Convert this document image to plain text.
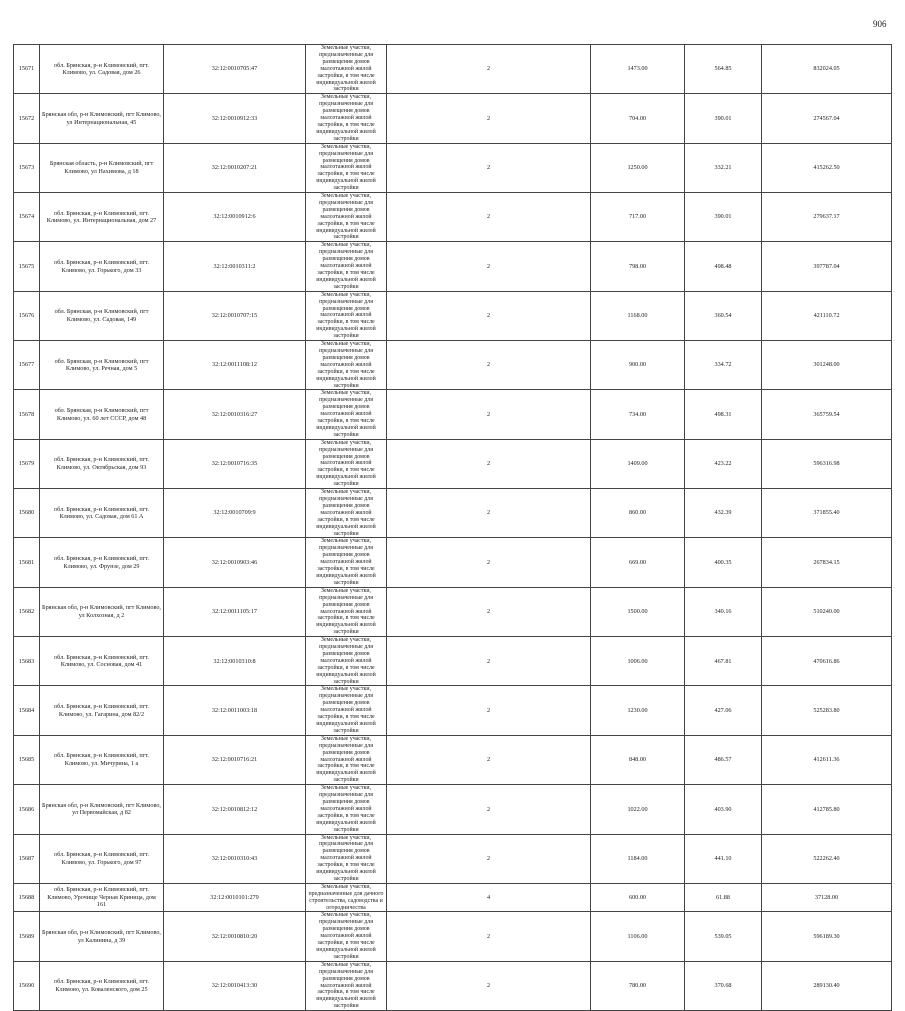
906
15671	обл. Брянская, р-н Климовский, пгт. Климово, ул. Садовая, дом 26	32:12:0010705:47	Земельные участки, предназначенные для размещения домов малоэтажной жилой застройки, в том числе индивидуальной жилой застройки	2	1473.00	564.85	832024.05
15672	Брянская обл, р-н Климовский, пгт Климово, ул Интернациональная, 45	32:12:0010912:33	Земельные участки, предназначенные для размещения домов малоэтажной жилой застройки, в том числе индивидуальной жилой застройки	2	704.00	390.01	274567.04
15673	Брянская область, р-н Климовский, пгт Климово, ул Нахимова, д 18	32:12:0010207:21	Земельные участки, предназначенные для размещения домов малоэтажной жилой застройки, в том числе индивидуальной жилой застройки	2	1250.00	332.21	415262.50
15674	обл. Брянская, р-н Климовский, пгт. Климово, ул. Интернациональная, дом 27	32:12:0010912:6	Земельные участки, предназначенные для размещения домов малоэтажной жилой застройки, в том числе индивидуальной жилой застройки	2	717.00	390.01	279637.17
15675	обл. Брянская, р-н Климовский, пгт. Климово, ул. Горького, дом 33	32:12:0010311:2	Земельные участки, предназначенные для размещения домов малоэтажной жилой застройки, в том числе индивидуальной жилой застройки	2	798.00	498.48	397787.04
15676	обл. Брянская, р-н Климовский, пгт Климово, ул. Садовая, 149	32:12:0010707:15	Земельные участки, предназначенные для размещения домов малоэтажной жилой застройки, в том числе индивидуальной жилой застройки	2	1168.00	360.54	421110.72
15677	обл. Брянская, р-н Климовский, пгт Климово, ул. Речная, дом 5	32:12:0011108:12	Земельные участки, предназначенные для размещения домов малоэтажной жилой застройки, в том числе индивидуальной жилой застройки	2	900.00	334.72	301248.00
15678	обл. Брянская, р-н Климовский, пгт Климово, ул. 60 лет СССР, дом 48	32:12:0010316:27	Земельные участки, предназначенные для размещения домов малоэтажной жилой застройки, в том числе индивидуальной жилой застройки	2	734.00	498.31	365759.54
15679	обл. Брянская, р-н Климовский, пгт. Климово, ул. Октябрьская, дом 93	32:12:0010716:35	Земельные участки, предназначенные для размещения домов малоэтажной жилой застройки, в том числе индивидуальной жилой застройки	2	1409.00	423.22	596316.98
15680	обл. Брянская, р-н Климовский, пгт. Климово, ул. Садовая, дом 61 А	32:12:0010709:9	Земельные участки, предназначенные для размещения домов малоэтажной жилой застройки, в том числе индивидуальной жилой застройки	2	860.00	432.39	371855.40
15681	обл. Брянская, р-н Климовский, пгт. Климово, ул. Фрунзе, дом 29	32:12:0010903:46	Земельные участки, предназначенные для размещения домов малоэтажной жилой застройки, в том числе индивидуальной жилой застройки	2	669.00	400.35	267834.15
15682	Брянская обл, р-н Климовский, пгт Климово, ул Колхозная, д 2	32:12:0011105:17	Земельные участки, предназначенные для размещения домов малоэтажной жилой застройки, в том числе индивидуальной жилой застройки	2	1500.00	340.16	510240.00
15683	обл. Брянская, р-н Климовский, пгт. Климово, ул. Сосновая, дом 41	32:12:0010310:8	Земельные участки, предназначенные для размещения домов малоэтажной жилой застройки, в том числе индивидуальной жилой застройки	2	1006.00	467.81	470616.86
15684	обл. Брянская, р-н Климовский, пгт. Климово, ул. Гагарина, дом 82/2	32:12:0011003:18	Земельные участки, предназначенные для размещения домов малоэтажной жилой застройки, в том числе индивидуальной жилой застройки	2	1230.00	427.06	525283.80
15685	обл. Брянская, р-н Климовский, пгт. Климово, ул. Мичурина, 1 а	32:12:0010716:21	Земельные участки, предназначенные для размещения домов малоэтажной жилой застройки, в том числе индивидуальной жилой застройки	2	848.00	486.57	412611.36
15686	Брянская обл, р-н Климовский, пгт Климово, ул Первомайская, д 82	32:12:0010812:12	Земельные участки, предназначенные для размещения домов малоэтажной жилой застройки, в том числе индивидуальной жилой застройки	2	1022.00	403.90	412785.80
15687	обл. Брянская, р-н Климовский, пгт. Климово, ул. Горького, дом 97	32:12:0010310:43	Земельные участки, предназначенные для размещения домов малоэтажной жилой застройки, в том числе индивидуальной жилой застройки	2	1184.00	441.10	522262.40
15688	обл. Брянская, р-н Климовский, пгт. Климово, Урочище Черная Криница, дом 161	32:12:0010101:279	Земельные участки, предназначенные для дачного строительства, садоводства и огородничества	4	600.00	61.88	37128.00
15689	Брянская обл, р-н Климовский, пгт Климово, ул Калинина, д 39	32:12:0010810:20	Земельные участки, предназначенные для размещения домов малоэтажной жилой застройки, в том числе индивидуальной жилой застройки	2	1106.00	539.05	596189.30
15690	обл. Брянская, р-н Климовский, пгт. Климово, ул. Коваленского, дом 25	32:12:0010413:30	Земельные участки, предназначенные для размещения домов малоэтажной жилой застройки, в том числе индивидуальной жилой застройки	2	780.00	370.68	289130.40
